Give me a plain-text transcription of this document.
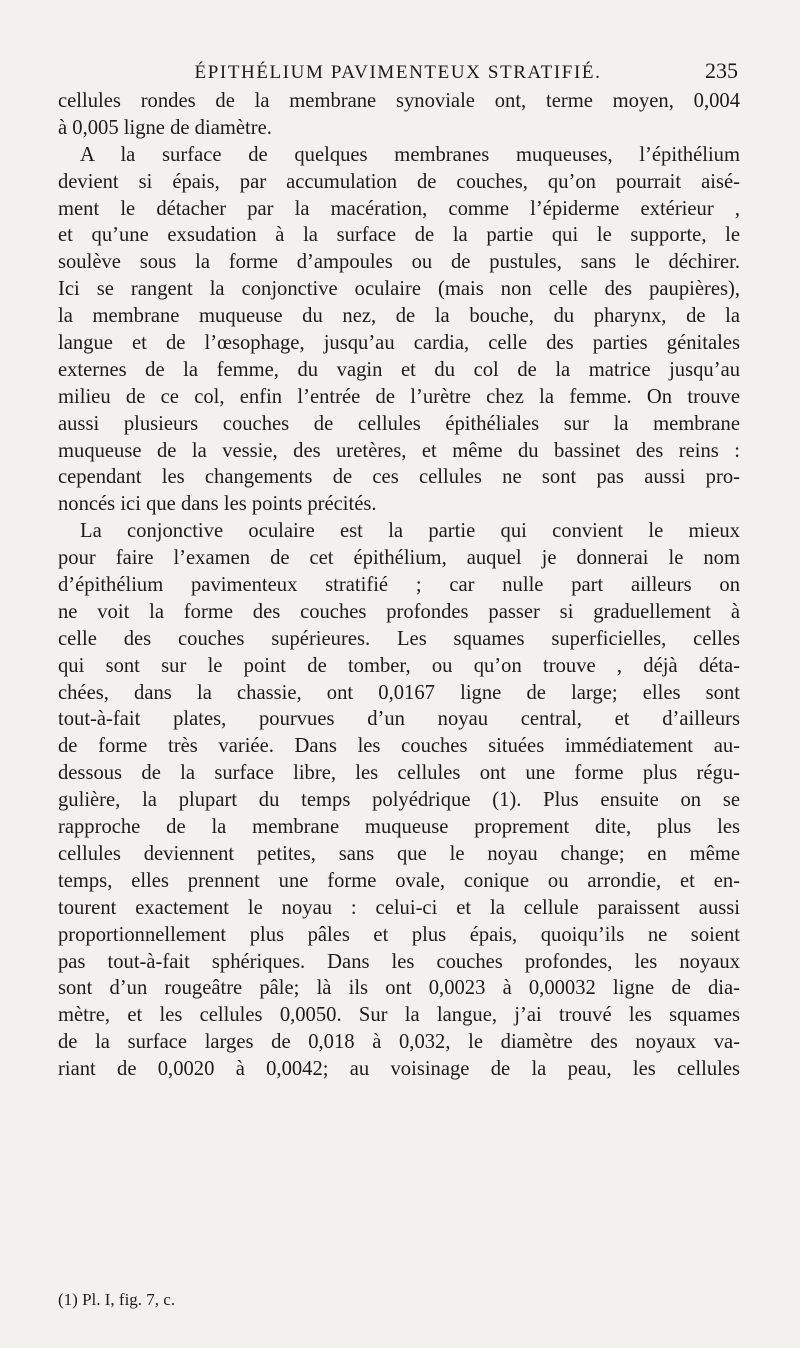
ÉPITHÉLIUM PAVIMENTEUX STRATIFIÉ.	235
cellules rondes de la membrane synoviale ont, terme moyen, 0,004
à 0,005 ligne de diamètre.
A la surface de quelques membranes muqueuses, l’épithélium
devient si épais, par accumulation de couches, qu’on pourrait aisé-
ment le détacher par la macération, comme l’épiderme extérieur ,
et qu’une exsudation à la surface de la partie qui le supporte, le
soulève sous la forme d’ampoules ou de pustules, sans le déchirer.
Ici se rangent la conjonctive oculaire (mais non celle des paupières),
la membrane muqueuse du nez, de la bouche, du pharynx, de la
langue et de l’œsophage, jusqu’au cardia, celle des parties génitales
externes de la femme, du vagin et du col de la matrice jusqu’au
milieu de ce col, enfin l’entrée de l’urètre chez la femme. On trouve
aussi plusieurs couches de cellules épithéliales sur la membrane
muqueuse de la vessie, des uretères, et même du bassinet des reins :
cependant les changements de ces cellules ne sont pas aussi pro-
noncés ici que dans les points précités.
La conjonctive oculaire est la partie qui convient le mieux
pour faire l’examen de cet épithélium, auquel je donnerai le nom
d’épithélium pavimenteux stratifié ; car nulle part ailleurs on
ne voit la forme des couches profondes passer si graduellement à
celle des couches supérieures. Les squames superficielles, celles
qui sont sur le point de tomber, ou qu’on trouve , déjà déta-
chées, dans la chassie, ont 0,0167 ligne de large; elles sont
tout-à-fait plates, pourvues d’un noyau central, et d’ailleurs
de forme très variée. Dans les couches situées immédiatement au-
dessous de la surface libre, les cellules ont une forme plus régu-
gulière, la plupart du temps polyédrique (1). Plus ensuite on se
rapproche de la membrane muqueuse proprement dite, plus les
cellules deviennent petites, sans que le noyau change; en même
temps, elles prennent une forme ovale, conique ou arrondie, et en-
tourent exactement le noyau : celui-ci et la cellule paraissent aussi
proportionnellement plus pâles et plus épais, quoiqu’ils ne soient
pas tout-à-fait sphériques. Dans les couches profondes, les noyaux
sont d’un rougeâtre pâle; là ils ont 0,0023 à 0,00032 ligne de dia-
mètre, et les cellules 0,0050. Sur la langue, j’ai trouvé les squames
de la surface larges de 0,018 à 0,032, le diamètre des noyaux va-
riant de 0,0020 à 0,0042; au voisinage de la peau, les cellules
(1) Pl. I, fig. 7, c.
